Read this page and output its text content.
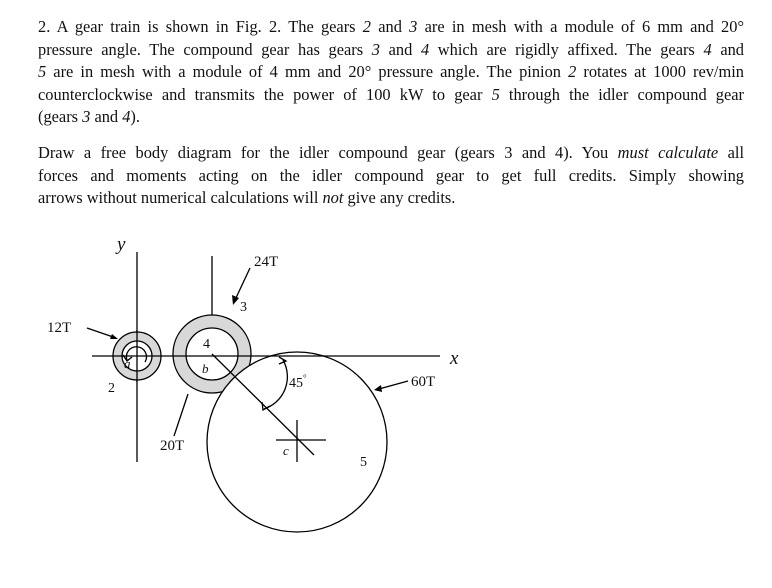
2. A gear train is shown in Fig. 2. The gears 2 and 3 are in mesh with a module of 6 mm and 20°
pressure angle. The compound gear has gears 3 and 4 which are rigidly affixed. The gears 4 and
5 are in mesh with a module of 4 mm and 20° pressure angle. The pinion 2 rotates at 1000 rev/min
counterclockwise and transmits the power of 100 kW to gear 5 through the idler compound gear
(gears 3 and 4).

Draw a free body diagram for the idler compound gear (gears 3 and 4). You must calculate all
forces and moments acting on the idler compound gear to get full credits. Simply showing
arrows without numerical calculations will not give any credits.

y
x
12T
24T
20T
60T
a	b
c
2
3
4
5
45°
